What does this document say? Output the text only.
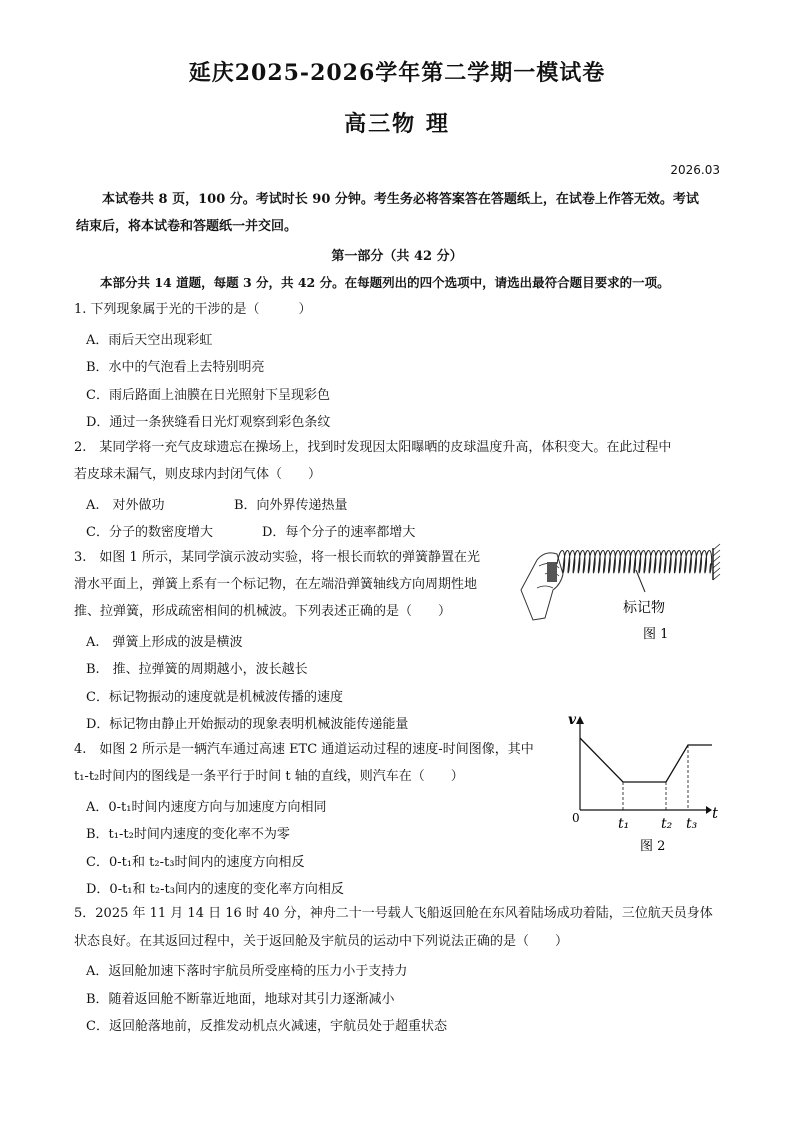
延庆2025-2026学年第二学期一模试卷
高三物 理
2026.03
本试卷共 8 页，100 分。考试时长 90 分钟。考生务必将答案答在答题纸上，在试卷上作答无效。考试
结束后，将本试卷和答题纸一并交回。
第一部分（共 42 分）
本部分共 14 道题，每题 3 分，共 42 分。在每题列出的四个选项中，请选出最符合题目要求的一项。
1. 下列现象属于光的干涉的是（　　　）
A．雨后天空出现彩虹
B．水中的气泡看上去特别明亮
C．雨后路面上油膜在日光照射下呈现彩色
D．通过一条狭缝看日光灯观察到彩色条纹
2.　某同学将一充气皮球遗忘在操场上，找到时发现因太阳曝晒的皮球温度升高，体积变大。在此过程中
若皮球未漏气，则皮球内封闭气体（　　）
A.　对外做功	B．向外界传递热量
C．分子的数密度增大	D．每个分子的速率都增大
3.　如图 1 所示，某同学演示波动实验，将一根长而软的弹簧静置在光
滑水平面上，弹簧上系有一个标记物，在左端沿弹簧轴线方向周期性地
推、拉弹簧，形成疏密相间的机械波。下列表述正确的是（　　）
A.　弹簧上形成的波是横波
B.　推、拉弹簧的周期越小，波长越长
C．标记物振动的速度就是机械波传播的速度
D．标记物由静止开始振动的现象表明机械波能传递能量
标记物
图 1
4.　如图 2 所示是一辆汽车通过高速 ETC 通道运动过程的速度-时间图像，其中
t₁-t₂时间内的图线是一条平行于时间 t 轴的直线，则汽车在（　　）
A．0-t₁时间内速度方向与加速度方向相同
B．t₁-t₂时间内速度的变化率不为零
C．0-t₁和 t₂-t₃时间内的速度方向相反
D．0-t₁和 t₂-t₃间内的速度的变化率方向相反
v
t
0	t₁ t₂ t₃
图 2
5．2025 年 11 月 14 日 16 时 40 分，神舟二十一号载人飞船返回舱在东风着陆场成功着陆，三位航天员身体
状态良好。在其返回过程中，关于返回舱及宇航员的运动中下列说法正确的是（　　）
A．返回舱加速下落时宇航员所受座椅的压力小于支持力
B．随着返回舱不断靠近地面，地球对其引力逐渐减小
C．返回舱落地前，反推发动机点火减速，宇航员处于超重状态
